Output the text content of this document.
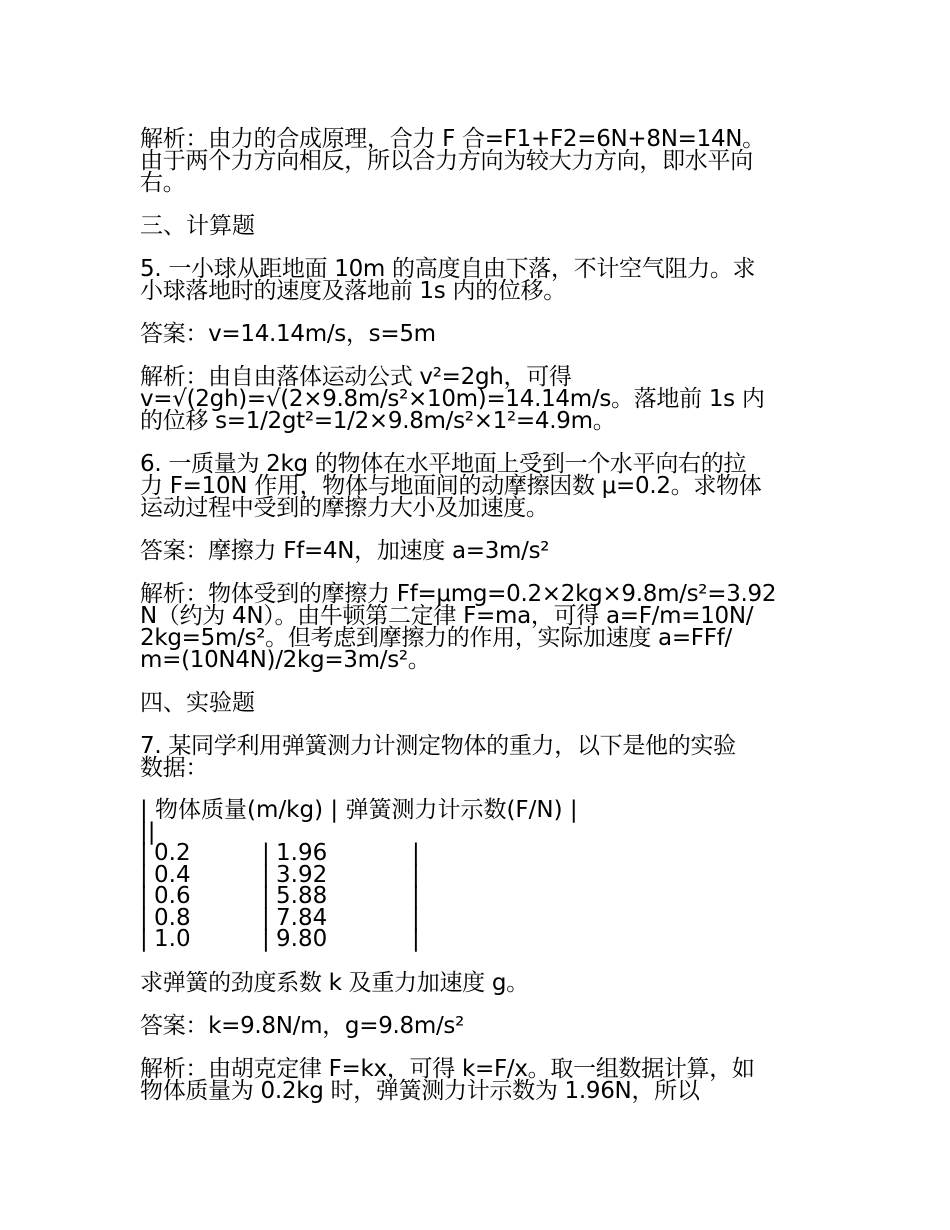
解析：由力的合成原理，合力 F 合=F1+F2=6N+8N=14N。
由于两个力方向相反，所以合力方向为较大力方向，即水平向
右。
三、计算题
5. 一小球从距地面 10m 的高度自由下落，不计空气阻力。求
小球落地时的速度及落地前 1s 内的位移。
答案：v=14.14m/s，s=5m
解析：由自由落体运动公式 v²=2gh，可得
v=√(2gh)=√(2×9.8m/s²×10m)=14.14m/s。落地前 1s 内
的位移 s=1/2gt²=1/2×9.8m/s²×1²=4.9m。
6. 一质量为 2kg 的物体在水平地面上受到一个水平向右的拉
力 F=10N 作用，物体与地面间的动摩擦因数 μ=0.2。求物体
运动过程中受到的摩擦力大小及加速度。
答案：摩擦力 Ff=4N，加速度 a=3m/s²
解析：物体受到的摩擦力 Ff=μmg=0.2×2kg×9.8m/s²=3.92
N（约为 4N）。由牛顿第二定律 F=ma，可得 a=F/m=10N/
2kg=5m/s²。但考虑到摩擦力的作用，实际加速度 a=FFf/
m=(10N4N)/2kg=3m/s²。
四、实验题
7. 某同学利用弹簧测力计测定物体的重力，以下是他的实验
数据：
| 物体质量(m/kg) | 弹簧测力计示数(F/N) |
||
| 0.2	| 1.96	|
| 0.4	| 3.92	|
| 0.6	| 5.88	|
| 0.8	| 7.84	|
| 1.0	| 9.80	|
求弹簧的劲度系数 k 及重力加速度 g。
答案：k=9.8N/m，g=9.8m/s²
解析：由胡克定律 F=kx，可得 k=F/x。取一组数据计算，如
物体质量为 0.2kg 时，弹簧测力计示数为 1.96N，所以
